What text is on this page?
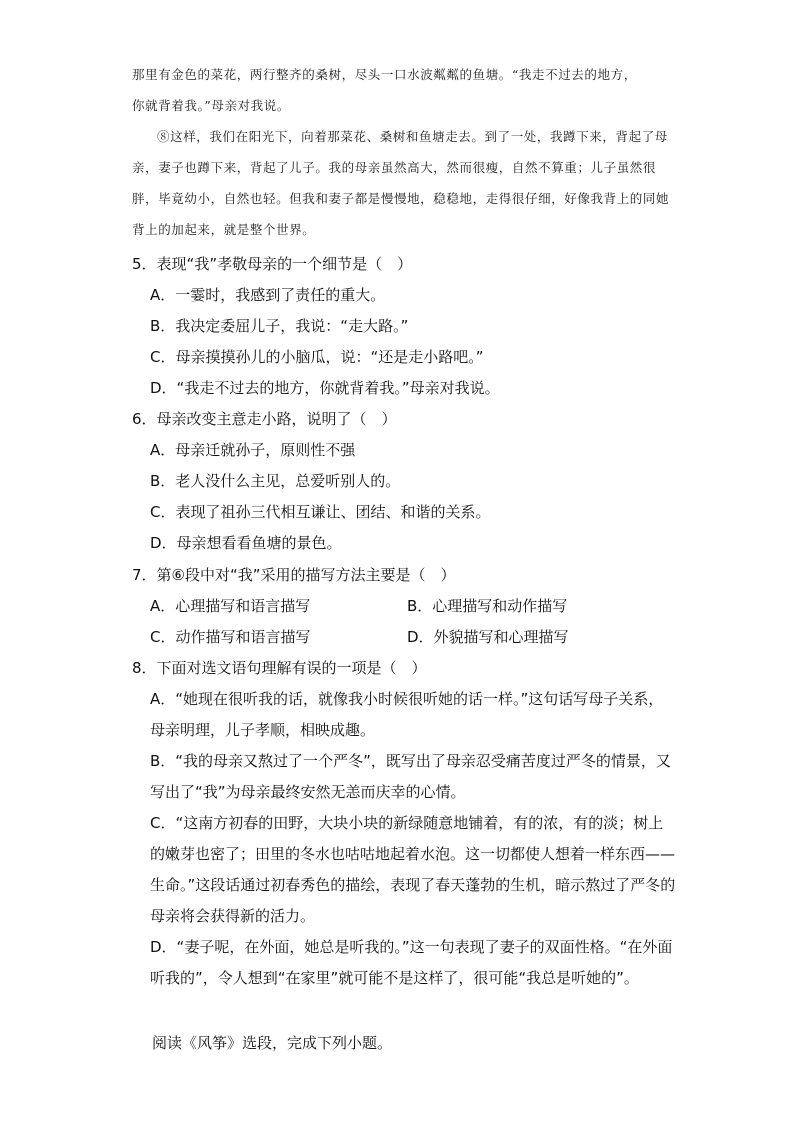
那里有金色的菜花，两行整齐的桑树，尽头一口水波粼粼的鱼塘。“我走不过去的地方，

你就背着我。”母亲对我说。

⑧这样，我们在阳光下，向着那菜花、桑树和鱼塘走去。到了一处，我蹲下来，背起了母亲，妻子也蹲下来，背起了儿子。我的母亲虽然高大，然而很瘦，自然不算重；儿子虽然很胖，毕竟幼小，自然也轻。但我和妻子都是慢慢地，稳稳地，走得很仔细，好像我背上的同她背上的加起来，就是整个世界。

5．表现“我”孝敬母亲的一个细节是（　）

A．一霎时，我感到了责任的重大。

B．我决定委屈儿子，我说：“走大路。”

C．母亲摸摸孙儿的小脑瓜，说：“还是走小路吧。”

D．“我走不过去的地方，你就背着我。”母亲对我说。

6．母亲改变主意走小路，说明了（　）

A．母亲迁就孙子，原则性不强

B．老人没什么主见，总爱听别人的。

C．表现了祖孙三代相互谦让、团结、和谐的关系。

D．母亲想看看鱼塘的景色。

7．第⑥段中对“我”采用的描写方法主要是（　）

A．心理描写和语言描写	B．心理描写和动作描写
C．动作描写和语言描写	D．外貌描写和心理描写

8．下面对选文语句理解有误的一项是（　）

A．“她现在很听我的话，就像我小时候很听她的话一样。”这句话写母子关系，母亲明理，儿子孝顺，相映成趣。

B．“我的母亲又熬过了一个严冬”，既写出了母亲忍受痛苦度过严冬的情景，又写出了“我”为母亲最终安然无恙而庆幸的心情。

C．“这南方初春的田野，大块小块的新绿随意地铺着，有的浓，有的淡；树上的嫩芽也密了；田里的冬水也咕咕地起着水泡。这一切都使人想着一样东西——生命。”这段话通过初春秀色的描绘，表现了春天蓬勃的生机，暗示熬过了严冬的母亲将会获得新的活力。

D．“妻子呢，在外面，她总是听我的。”这一句表现了妻子的双面性格。“在外面听我的”，令人想到“在家里”就可能不是这样了，很可能“我总是听她的”。

阅读《风筝》选段，完成下列小题。
